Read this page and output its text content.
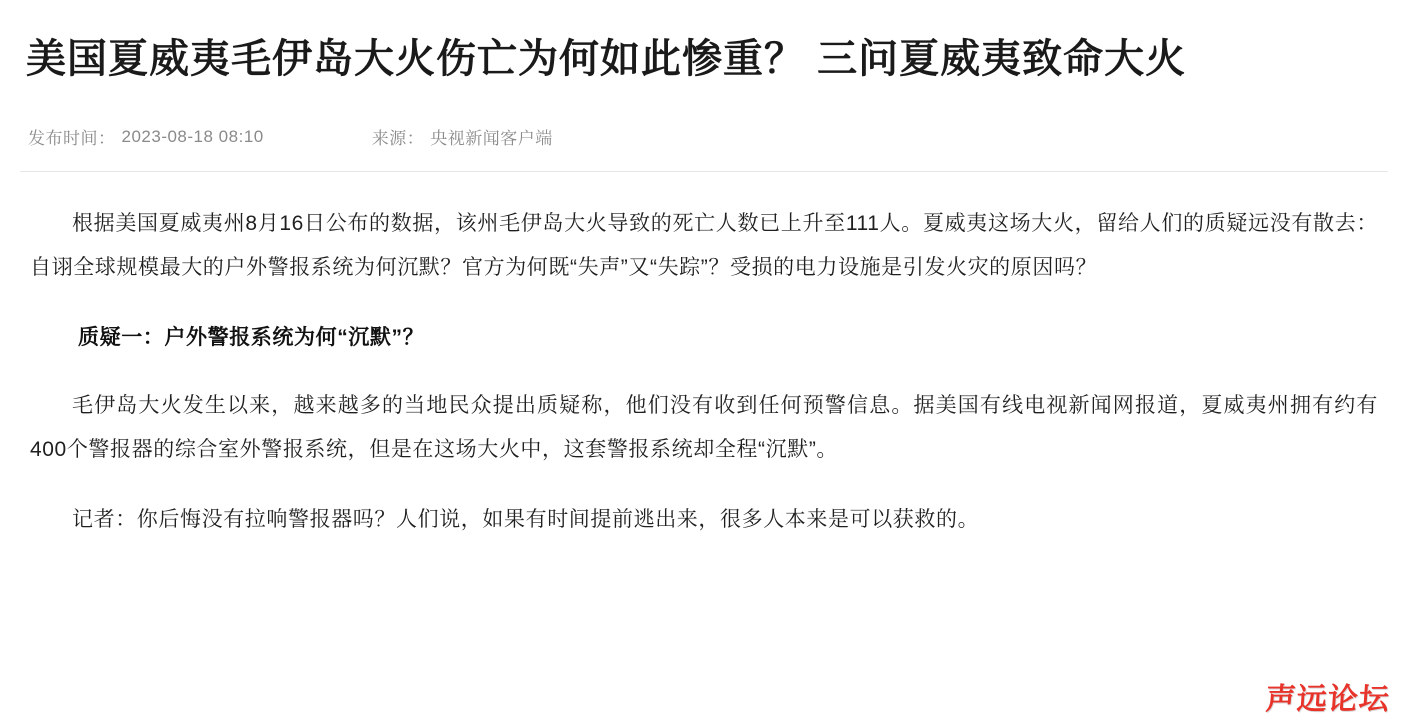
美国夏威夷毛伊岛大火伤亡为何如此惨重？ 三问夏威夷致命大火
发布时间： 2023-08-18 08:10	来源： 央视新闻客户端

根据美国夏威夷州8月16日公布的数据，该州毛伊岛大火导致的死亡人数已上升至111人。夏威夷这场大火，留给人们的质疑远没有散去：自诩全球规模最大的户外警报系统为何沉默？官方为何既“失声”又“失踪”？受损的电力设施是引发火灾的原因吗？

质疑一：户外警报系统为何“沉默”？

毛伊岛大火发生以来，越来越多的当地民众提出质疑称，他们没有收到任何预警信息。据美国有线电视新闻网报道，夏威夷州拥有约有400个警报器的综合室外警报系统，但是在这场大火中，这套警报系统却全程“沉默”。

记者：你后悔没有拉响警报器吗？人们说，如果有时间提前逃出来，很多人本来是可以获救的。

声远论坛
